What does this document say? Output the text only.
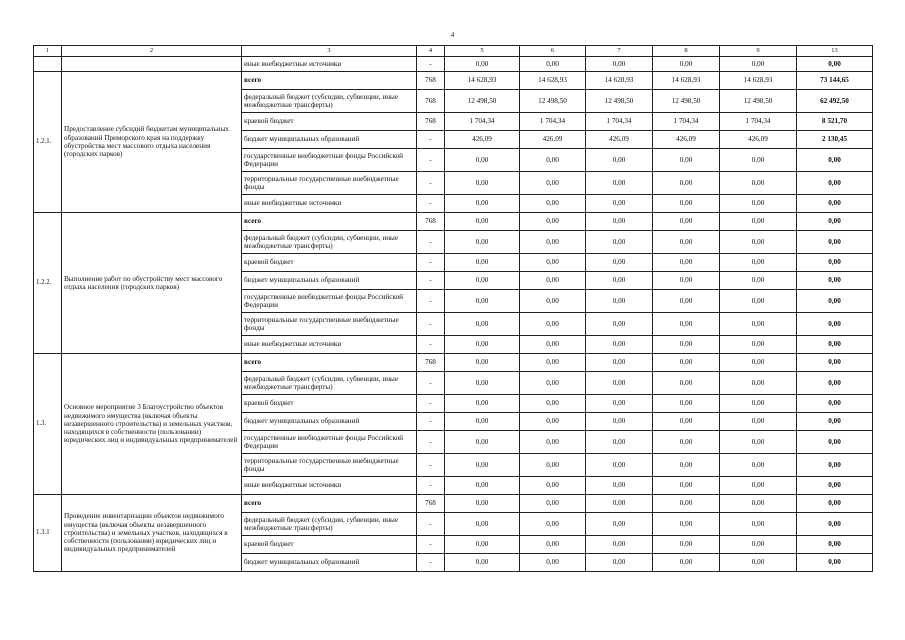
4
1	2	3	4	5	6	7	8	9	13
		иные внебюджетные источники	-	0,00	0,00	0,00	0,00	0,00	0,00
1.2.1.	Предоставление субсидий бюджетам муниципальных образований Приморского края на поддержку обустройства мест массового отдыха населения (городских парков)	всего	768	14 628,93	14 628,93	14 628,93	14 628,93	14 628,93	73 144,65
		федеральный бюджет (субсидии, субвенции, иные межбюджетные трансферты)	768	12 498,50	12 498,50	12 498,50	12 498,50	12 498,50	62 492,50
		краевой бюджет	768	1 704,34	1 704,34	1 704,34	1 704,34	1 704,34	8 521,70
		бюджет муниципальных образований	-	426,09	426,09	426,09	426,09	426,09	2 130,45
		государственные внебюджетные фонды Российской Федерации	-	0,00	0,00	0,00	0,00	0,00	0,00
		территориальные государственные внебюджетные фонды	-	0,00	0,00	0,00	0,00	0,00	0,00
		иные внебюджетные источники	-	0,00	0,00	0,00	0,00	0,00	0,00
1.2.2.	Выполнение работ по обустройству мест массового отдыха населения (городских парков)	всего	768	0,00	0,00	0,00	0,00	0,00	0,00
		федеральный бюджет (субсидии, субвенции, иные межбюджетные трансферты)	-	0,00	0,00	0,00	0,00	0,00	0,00
		краевой бюджет	-	0,00	0,00	0,00	0,00	0,00	0,00
		бюджет муниципальных образований	-	0,00	0,00	0,00	0,00	0,00	0,00
		государственные внебюджетные фонды Российской Федерации	-	0,00	0,00	0,00	0,00	0,00	0,00
		территориальные государственные внебюджетные фонды	-	0,00	0,00	0,00	0,00	0,00	0,00
		иные внебюджетные источники	-	0,00	0,00	0,00	0,00	0,00	0,00
1.3.	Основное мероприятие 3 Благоустройство объектов недвижимого имущества (включая объекты незавершенного строительства) и земельных участков, находящихся в собственности (пользовании) юридических лиц и индивидуальных предпринимателей	всего	768	0,00	0,00	0,00	0,00	0,00	0,00
		федеральный бюджет (субсидии, субвенции, иные межбюджетные трансферты)	-	0,00	0,00	0,00	0,00	0,00	0,00
		краевой бюджет	-	0,00	0,00	0,00	0,00	0,00	0,00
		бюджет муниципальных образований	-	0,00	0,00	0,00	0,00	0,00	0,00
		государственные внебюджетные фонды Российской Федерации	-	0,00	0,00	0,00	0,00	0,00	0,00
		территориальные государственные внебюджетные фонды	-	0,00	0,00	0,00	0,00	0,00	0,00
		иные внебюджетные источники	-	0,00	0,00	0,00	0,00	0,00	0,00
1.3.1	Проведение инвентаризации объектов недвижимого имущества (включая объекты незавершенного строительства) и земельных участков, находящихся в собственности (пользовании) юридических лиц и индивидуальных предпринимателей	всего	768	0,00	0,00	0,00	0,00	0,00	0,00
		федеральный бюджет (субсидии, субвенции, иные межбюджетные трансферты)	-	0,00	0,00	0,00	0,00	0,00	0,00
		краевой бюджет	-	0,00	0,00	0,00	0,00	0,00	0,00
		бюджет муниципальных образований	-	0,00	0,00	0,00	0,00	0,00	0,00
